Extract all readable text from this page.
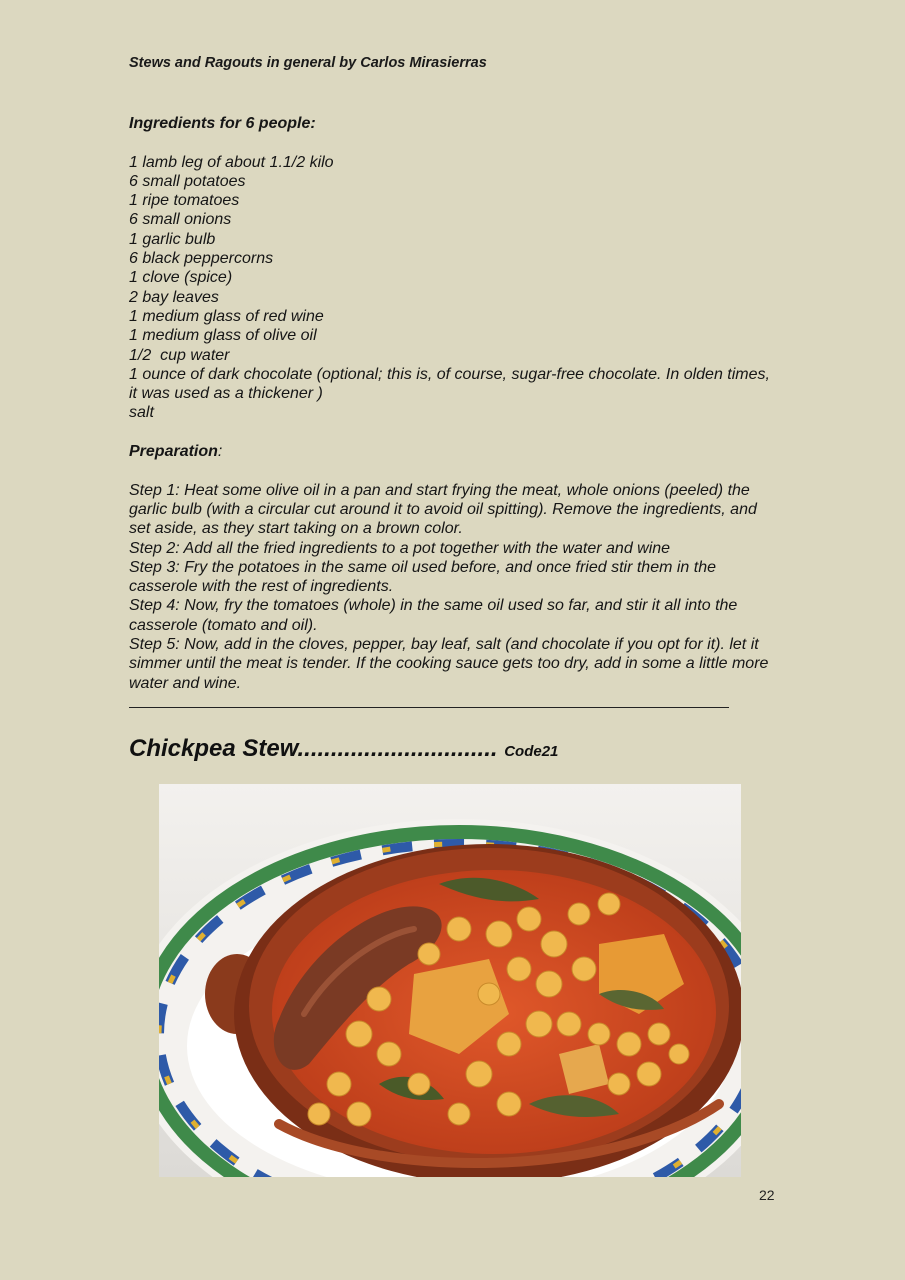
Stews and Ragouts in general by Carlos Mirasierras
Ingredients for 6 people:
1 lamb leg of about 1.1/2 kilo
6 small potatoes
1 ripe tomatoes
6 small onions
1 garlic bulb
6 black peppercorns
1 clove (spice)
2 bay leaves
1 medium glass of red wine
1 medium glass of olive oil
1/2  cup water
1 ounce of dark chocolate (optional; this is, of course, sugar-free chocolate. In olden times, it was used as a thickener )
salt
Preparation:
Step 1: Heat some olive oil in a pan and start frying the meat, whole onions (peeled) the garlic bulb (with a circular cut around it to avoid oil spitting). Remove the ingredients, and set aside, as they start taking on a brown color.
Step 2: Add all the fried ingredients to a pot together with the water and wine
Step 3: Fry the potatoes in the same oil used before, and once fried stir them in the casserole with the rest of ingredients.
Step 4: Now, fry the tomatoes (whole) in the same oil used so far, and stir it all into the casserole (tomato and oil).
Step 5: Now, add in the cloves, pepper, bay leaf, salt (and chocolate if you opt for it). let it simmer until the meat is tender. If the cooking sauce gets too dry, add in some a little more water and wine.
Chickpea Stew.............................. Code21
22
